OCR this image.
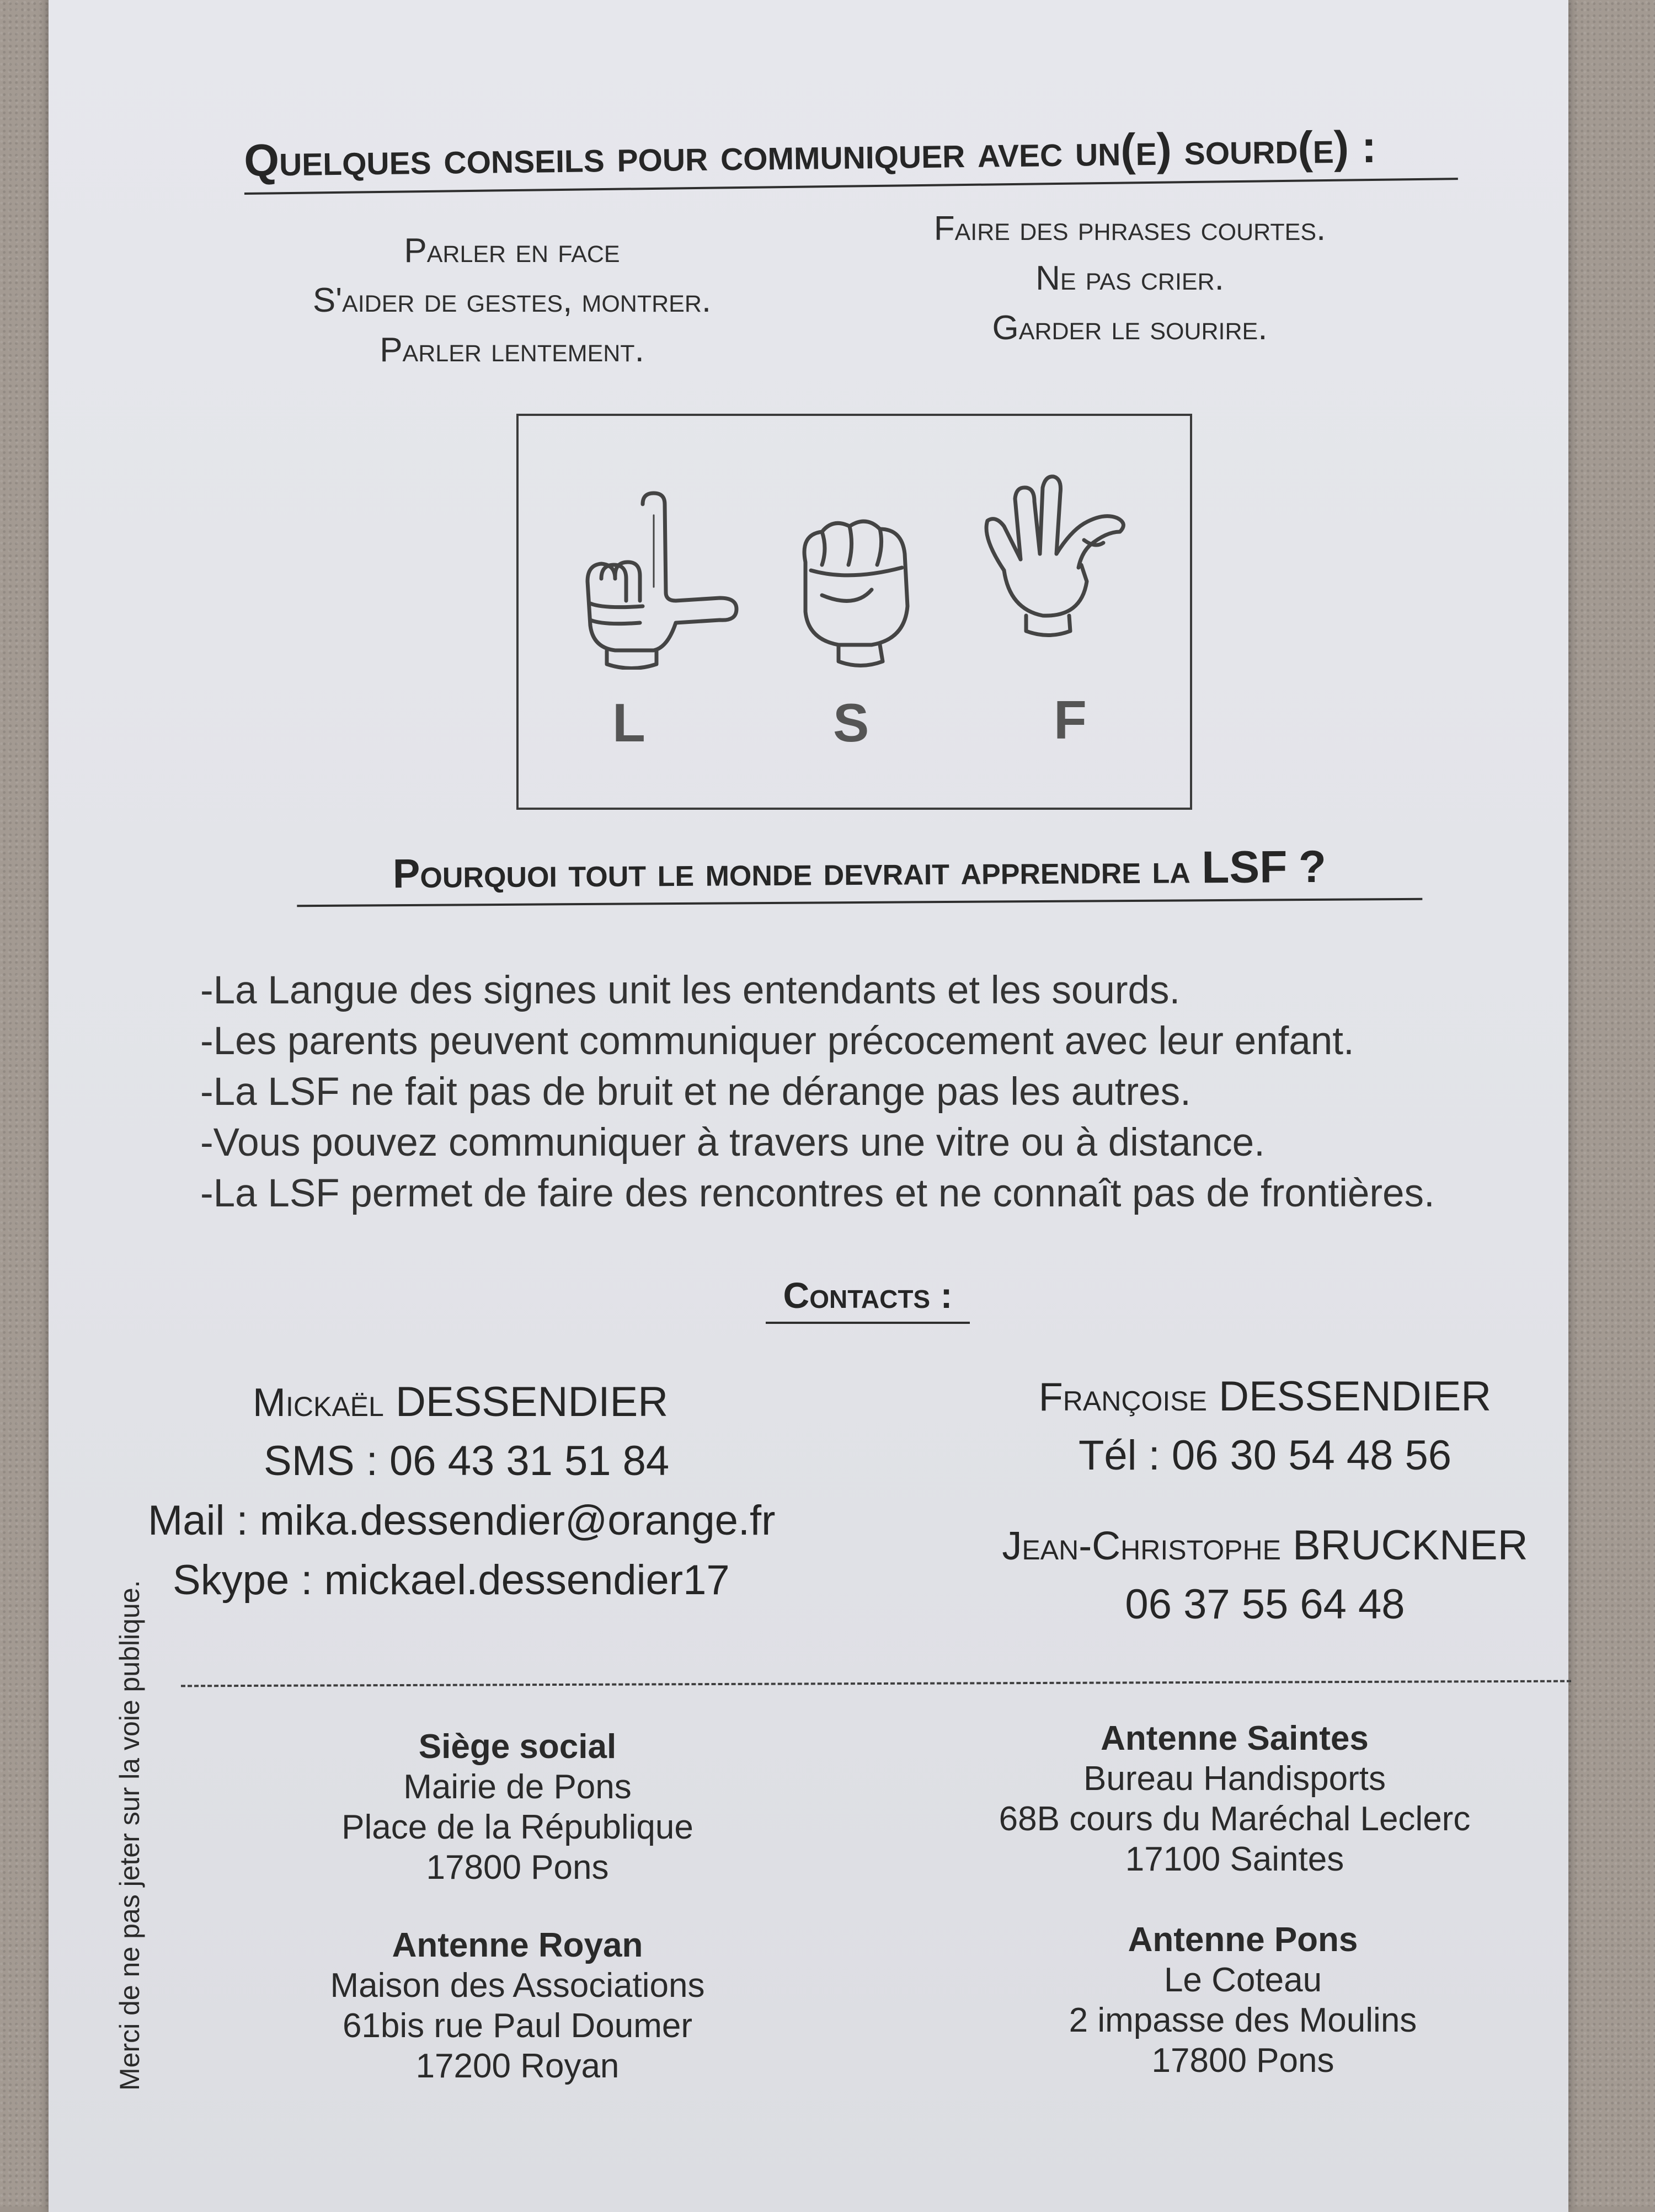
Quelques conseils pour communiquer avec un(e) sourd(e) :
Parler en face
S'aider de gestes, montrer.
Parler lentement.
Faire des phrases courtes.
Ne pas crier.
Garder le sourire.
L	S	F
Pourquoi tout le monde devrait apprendre la LSF ?
-La Langue des signes unit les entendants et les sourds.
-Les parents peuvent communiquer précocement avec leur enfant.
-La LSF ne fait pas de bruit et ne dérange pas les autres.
-Vous pouvez communiquer à travers une vitre ou à distance.
-La LSF permet de faire des rencontres et ne connaît pas de frontières.
Contacts :
Mickaël DESSENDIER
SMS : 06 43 31 51 84
Mail : mika.dessendier@orange.fr
Skype : mickael.dessendier17
Françoise DESSENDIER
Tél : 06 30 54 48 56
Jean-Christophe BRUCKNER
06 37 55 64 48
Siège social
Mairie de Pons
Place de la République
17800 Pons
Antenne Saintes
Bureau Handisports
68B cours du Maréchal Leclerc
17100 Saintes
Antenne Royan
Maison des Associations
61bis rue Paul Doumer
17200 Royan
Antenne Pons
Le Coteau
2 impasse des Moulins
17800 Pons
Merci de ne pas jeter sur la voie publique.
